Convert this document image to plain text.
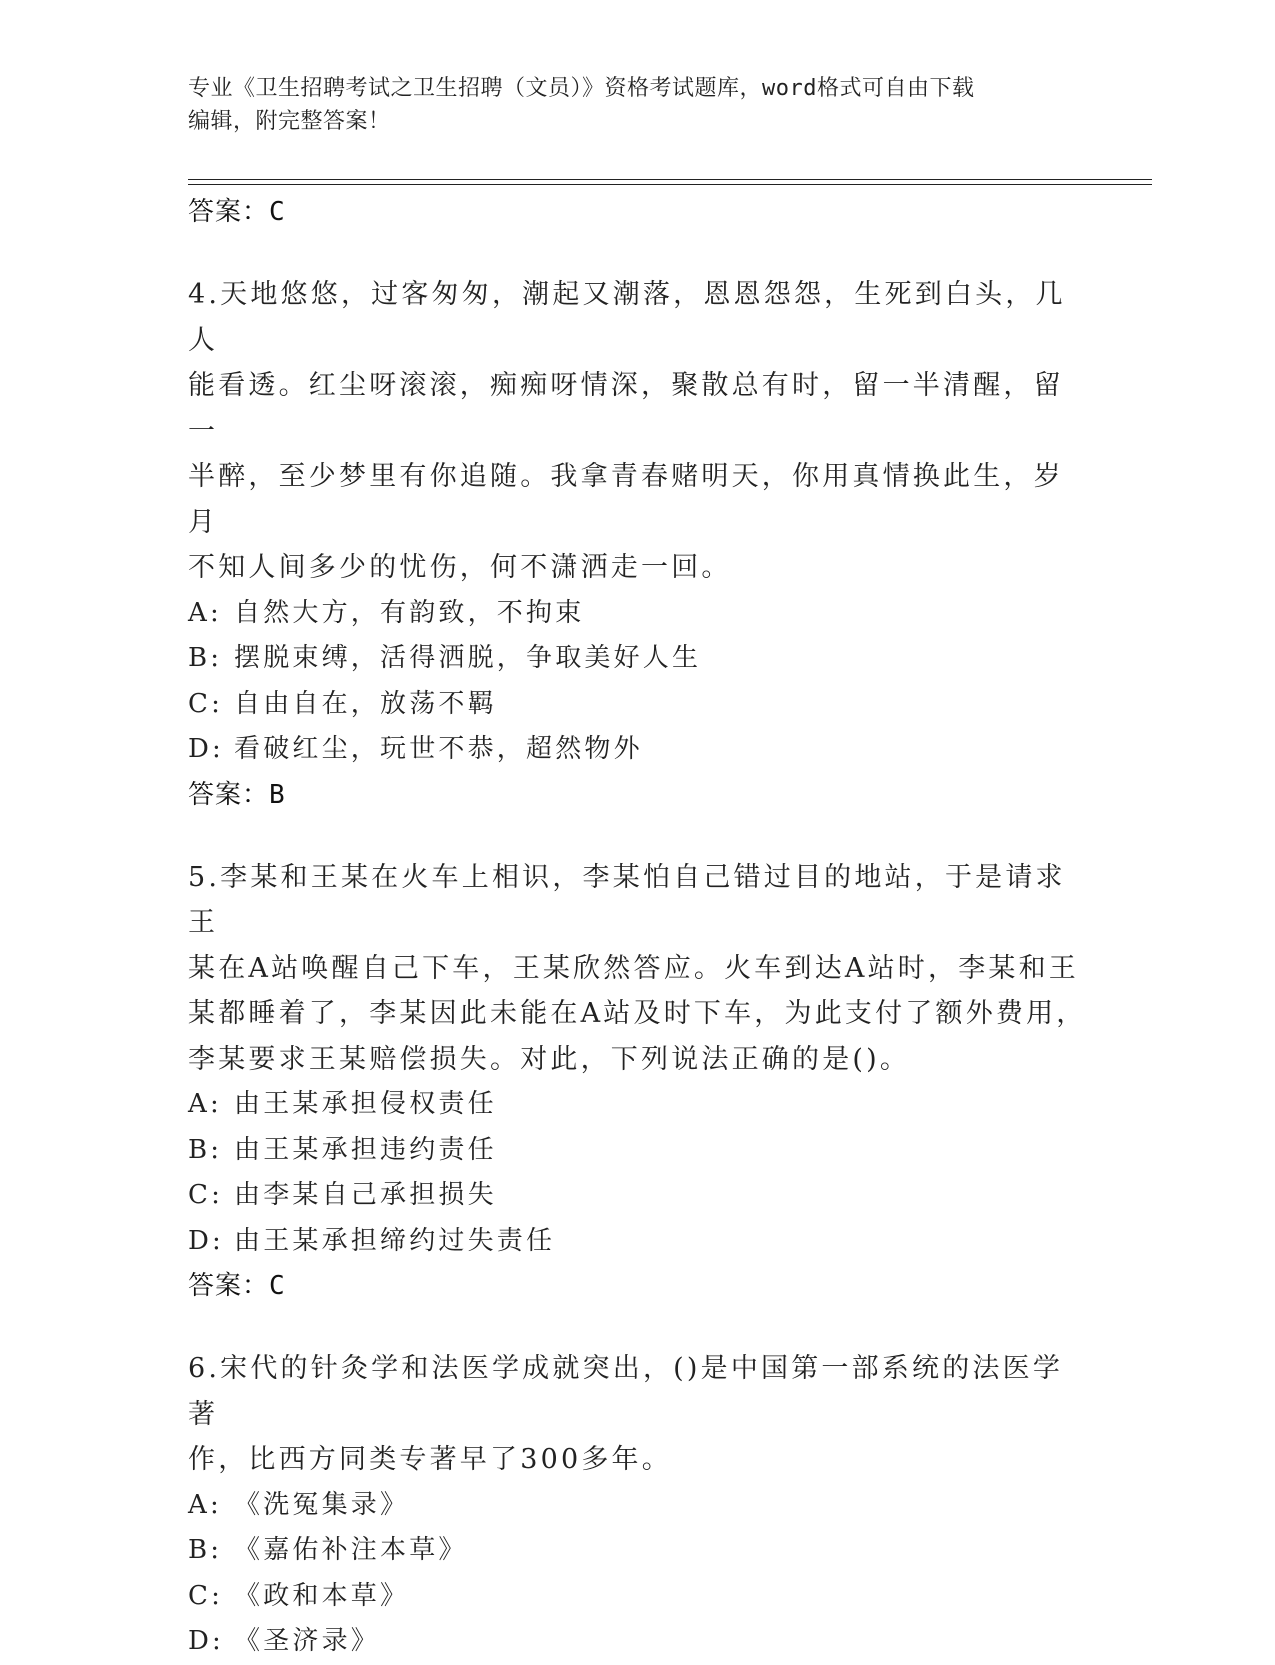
专业《卫生招聘考试之卫生招聘（文员）》资格考试题库，word格式可自由下载
编辑，附完整答案！
答案：C
4.天地悠悠，过客匆匆，潮起又潮落，恩恩怨怨，生死到白头，几人
能看透。红尘呀滚滚，痴痴呀情深，聚散总有时，留一半清醒，留一
半醉，至少梦里有你追随。我拿青春赌明天，你用真情换此生，岁月
不知人间多少的忧伤，何不潇洒走一回。
A: 自然大方，有韵致，不拘束
B: 摆脱束缚，活得洒脱，争取美好人生
C: 自由自在，放荡不羁
D: 看破红尘，玩世不恭，超然物外
答案：B
5.李某和王某在火车上相识，李某怕自己错过目的地站，于是请求王
某在A站唤醒自己下车，王某欣然答应。火车到达A站时，李某和王
某都睡着了，李某因此未能在A站及时下车，为此支付了额外费用，
李某要求王某赔偿损失。对此，下列说法正确的是()。
A: 由王某承担侵权责任
B: 由王某承担违约责任
C: 由李某自己承担损失
D: 由王某承担缔约过失责任
答案：C
6.宋代的针灸学和法医学成就突出，()是中国第一部系统的法医学著
作，比西方同类专著早了300多年。
A: 《洗冤集录》
B: 《嘉佑补注本草》
C: 《政和本草》
D: 《圣济录》
